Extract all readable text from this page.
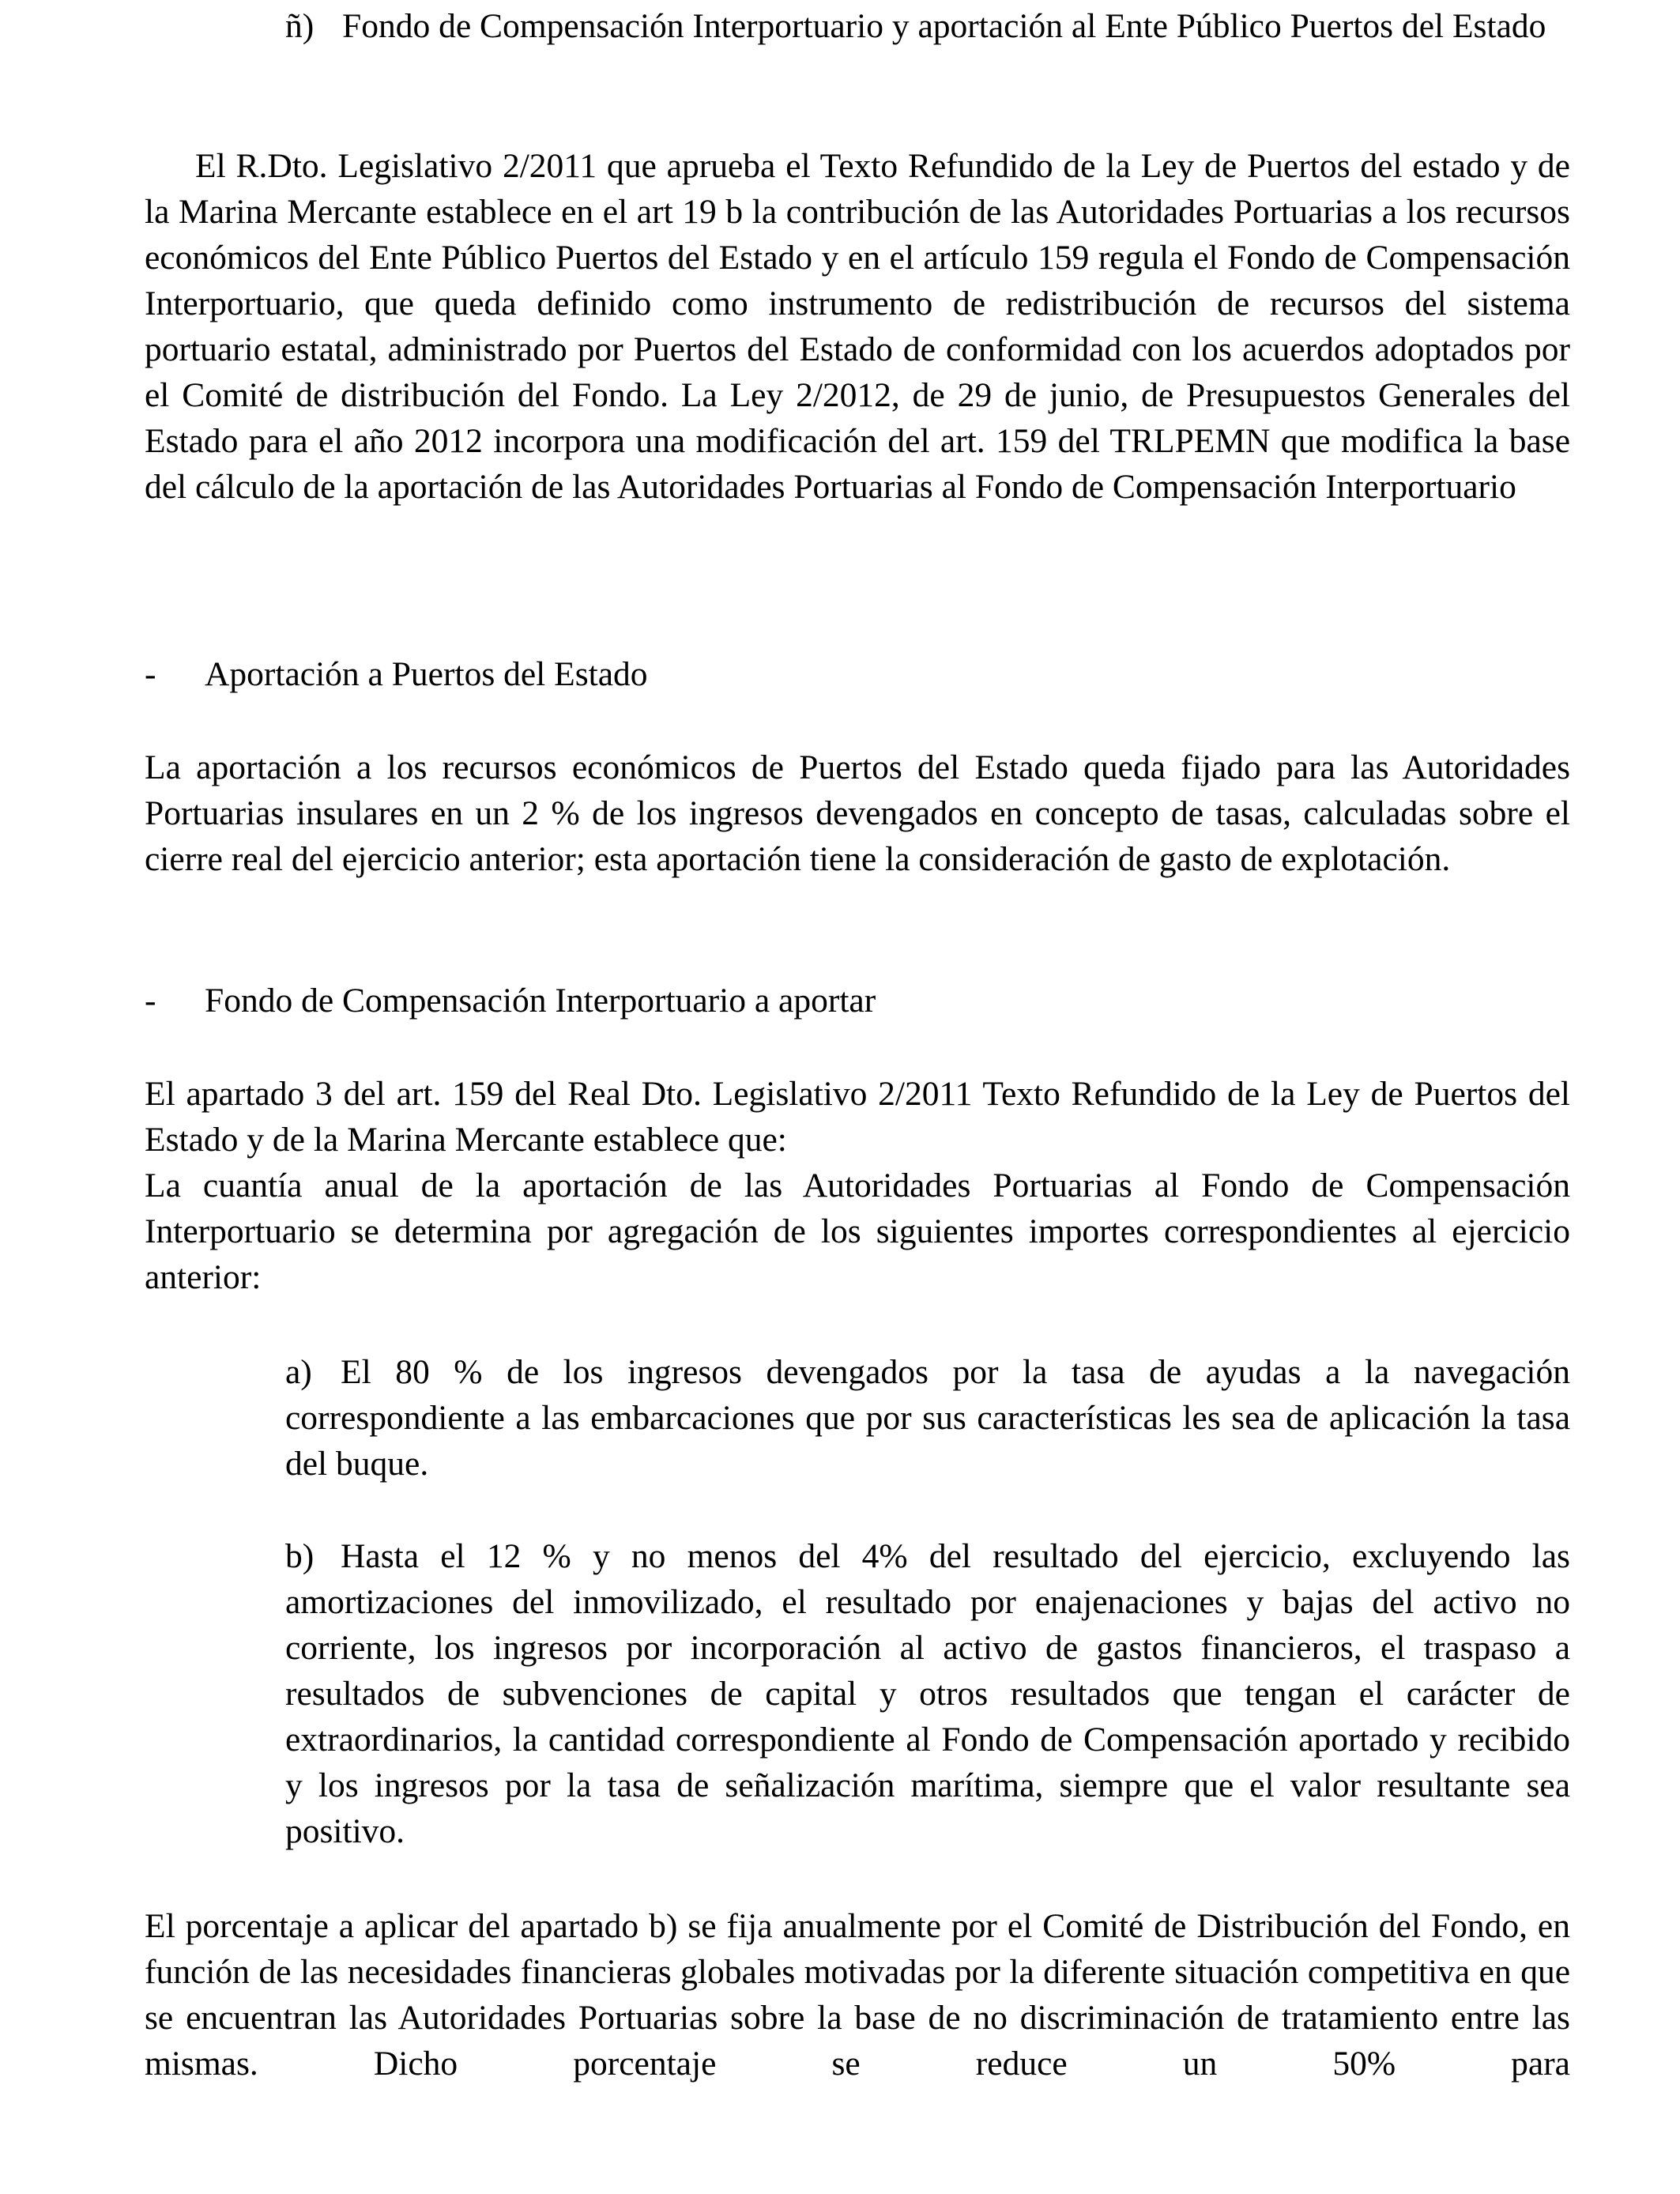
ñ) Fondo de Compensación Interportuario y aportación al Ente Público Puertos del Estado

El R.Dto. Legislativo 2/2011 que aprueba el Texto Refundido de la Ley de Puertos del estado y de la Marina Mercante establece en el art 19 b la contribución de las Autoridades Portuarias a los recursos económicos del Ente Público Puertos del Estado y en el artículo 159 regula el Fondo de Compensación Interportuario, que queda definido como instrumento de redistribución de recursos del sistema portuario estatal, administrado por Puertos del Estado de conformidad con los acuerdos adoptados por el Comité de distribución del Fondo. La Ley 2/2012, de 29 de junio, de Presupuestos Generales del Estado para el año 2012 incorpora una modificación del art. 159 del TRLPEMN que modifica la base del cálculo de la aportación de las Autoridades Portuarias al Fondo de Compensación Interportuario

- Aportación a Puertos del Estado

La aportación a los recursos económicos de Puertos del Estado queda fijado para las Autoridades Portuarias insulares en un 2 % de los ingresos devengados en concepto de tasas, calculadas sobre el cierre real del ejercicio anterior; esta aportación tiene la consideración de gasto de explotación.

- Fondo de Compensación Interportuario a aportar

El apartado 3 del art. 159 del Real Dto. Legislativo 2/2011 Texto Refundido de la Ley de Puertos del Estado y de la Marina Mercante establece que:

La cuantía anual de la aportación de las Autoridades Portuarias al Fondo de Compensación Interportuario se determina por agregación de los siguientes importes correspondientes al ejercicio anterior:

a) El 80 % de los ingresos devengados por la tasa de ayudas a la navegación correspondiente a las embarcaciones que por sus características les sea de aplicación la tasa del buque.
b) Hasta el 12 % y no menos del 4% del resultado del ejercicio, excluyendo las amortizaciones del inmovilizado, el resultado por enajenaciones y bajas del activo no corriente, los ingresos por incorporación al activo de gastos financieros, el traspaso a resultados de subvenciones de capital y otros resultados que tengan el carácter de extraordinarios, la cantidad correspondiente al Fondo de Compensación aportado y recibido y los ingresos por la tasa de señalización marítima, siempre que el valor resultante sea positivo.

El porcentaje a aplicar del apartado b) se fija anualmente por el Comité de Distribución del Fondo, en función de las necesidades financieras globales motivadas por la diferente situación competitiva en que se encuentran las Autoridades Portuarias sobre la base de no discriminación de tratamiento entre las mismas. Dicho porcentaje se reduce un 50% para
